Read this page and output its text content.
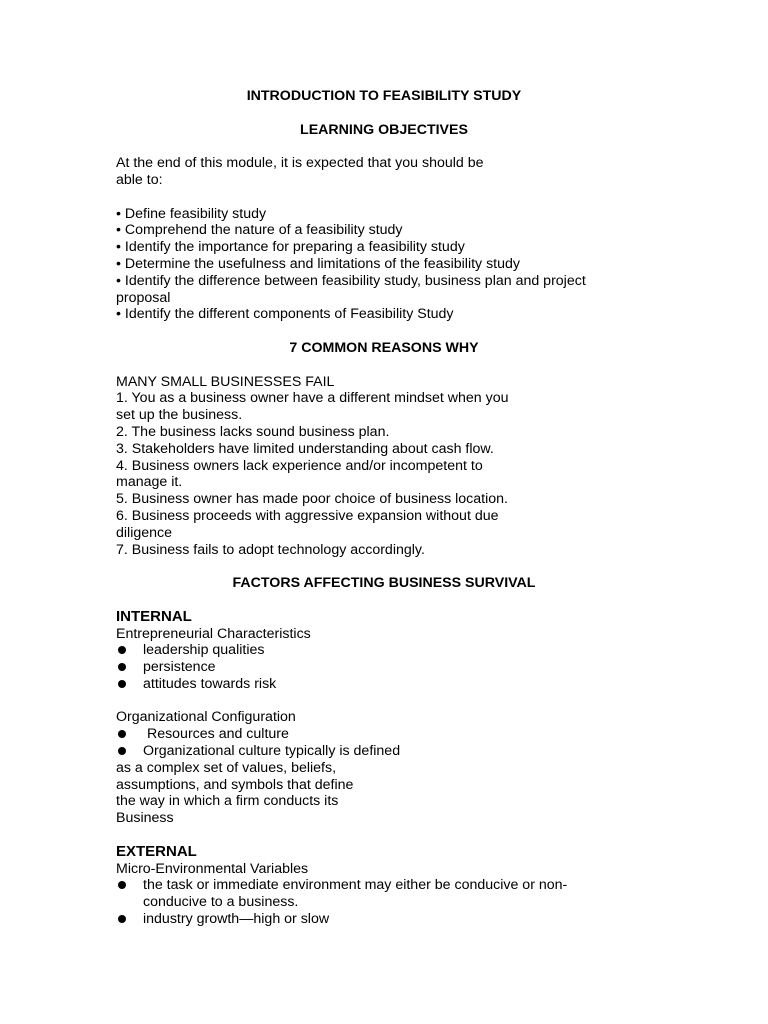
INTRODUCTION TO FEASIBILITY STUDY
LEARNING OBJECTIVES

At the end of this module, it is expected that you should be

able to:

• Define feasibility study

• Comprehend the nature of a feasibility study

• Identify the importance for preparing a feasibility study

• Determine the usefulness and limitations of the feasibility study

• Identify the difference between feasibility study, business plan and project

proposal

• Identify the different components of Feasibility Study

7 COMMON REASONS WHY

MANY SMALL BUSINESSES FAIL

1. You as a business owner have a different mindset when you

set up the business.

2. The business lacks sound business plan.

3. Stakeholders have limited understanding about cash flow.

4. Business owners lack experience and/or incompetent to

manage it.

5. Business owner has made poor choice of business location.

6. Business proceeds with aggressive expansion without due

diligence

7. Business fails to adopt technology accordingly.

FACTORS AFFECTING BUSINESS SURVIVAL

INTERNAL

Entrepreneurial Characteristics

leadership qualities
persistence
attitudes towards risk

Organizational Configuration

Resources and culture
Organizational culture typically is defined

as a complex set of values, beliefs,

assumptions, and symbols that define

the way in which a firm conducts its

Business

EXTERNAL

Micro-Environmental Variables

the task or immediate environment may either be conducive or non-

conducive to a business.

industry growth—high or slow
